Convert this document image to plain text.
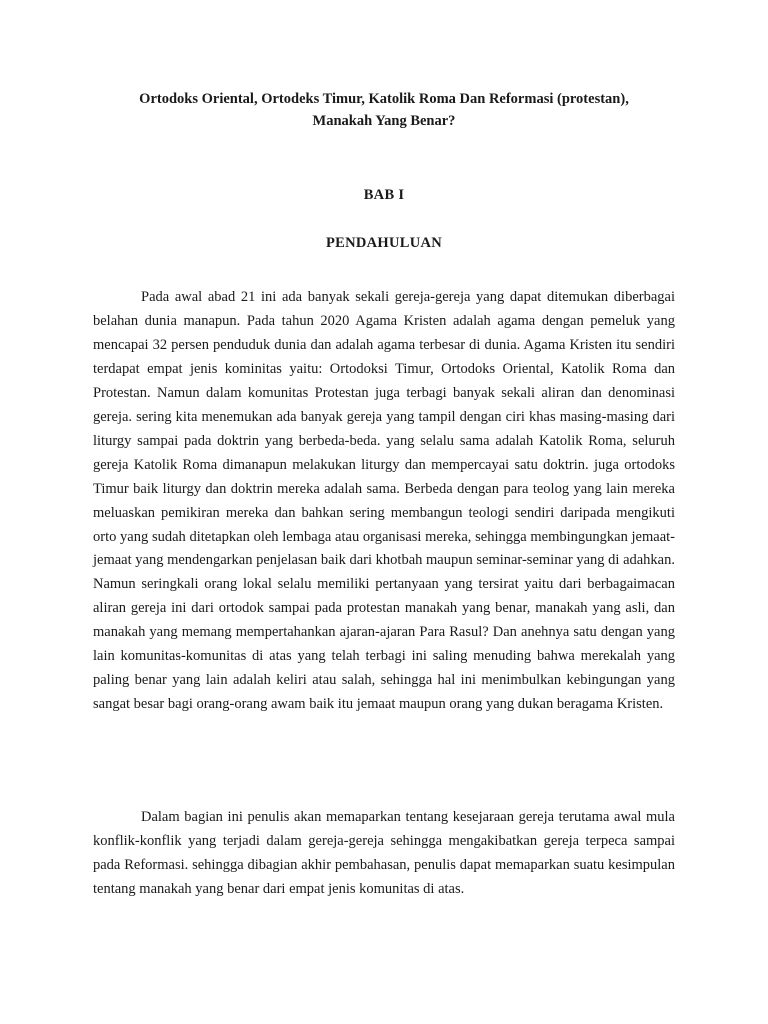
Ortodoks Oriental, Ortodeks Timur, Katolik Roma Dan Reformasi (protestan),
Manakah Yang Benar?
BAB I
PENDAHULUAN

Pada awal abad 21 ini ada banyak sekali gereja-gereja yang dapat ditemukan diberbagai belahan dunia manapun. Pada tahun 2020 Agama Kristen adalah agama dengan pemeluk yang mencapai 32 persen penduduk dunia dan adalah agama terbesar di dunia. Agama Kristen itu sendiri terdapat empat jenis kominitas yaitu: Ortodoksi Timur, Ortodoks Oriental, Katolik Roma dan Protestan. Namun dalam komunitas Protestan juga terbagi banyak sekali aliran dan denominasi gereja. sering kita menemukan ada banyak gereja yang tampil dengan ciri khas masing-masing dari liturgy sampai pada doktrin yang berbeda-beda. yang selalu sama adalah Katolik Roma, seluruh gereja Katolik Roma dimanapun melakukan liturgy dan mempercayai satu doktrin. juga ortodoks Timur baik liturgy dan doktrin mereka adalah sama. Berbeda dengan para teolog yang lain mereka meluaskan pemikiran mereka dan bahkan sering membangun teologi sendiri daripada mengikuti orto yang sudah ditetapkan oleh lembaga atau organisasi mereka, sehingga membingungkan jemaat-jemaat yang mendengarkan penjelasan baik dari khotbah maupun seminar-seminar yang di adahkan. Namun seringkali orang lokal selalu memiliki pertanyaan yang tersirat yaitu dari berbagaimacan aliran gereja ini dari ortodok sampai pada protestan manakah yang benar, manakah yang asli, dan manakah yang memang mempertahankan ajaran-ajaran Para Rasul? Dan anehnya satu dengan yang lain komunitas-komunitas di atas yang telah terbagi ini saling menuding bahwa merekalah yang paling benar yang lain adalah keliri atau salah, sehingga hal ini menimbulkan kebingungan yang sangat besar bagi orang-orang awam baik itu jemaat maupun orang yang dukan beragama Kristen.

Dalam bagian ini penulis akan memaparkan tentang kesejaraan gereja terutama awal mula konflik-konflik yang terjadi dalam gereja-gereja sehingga mengakibatkan gereja terpeca sampai pada Reformasi. sehingga dibagian akhir pembahasan, penulis dapat memaparkan suatu kesimpulan tentang manakah yang benar dari empat jenis komunitas di atas.
